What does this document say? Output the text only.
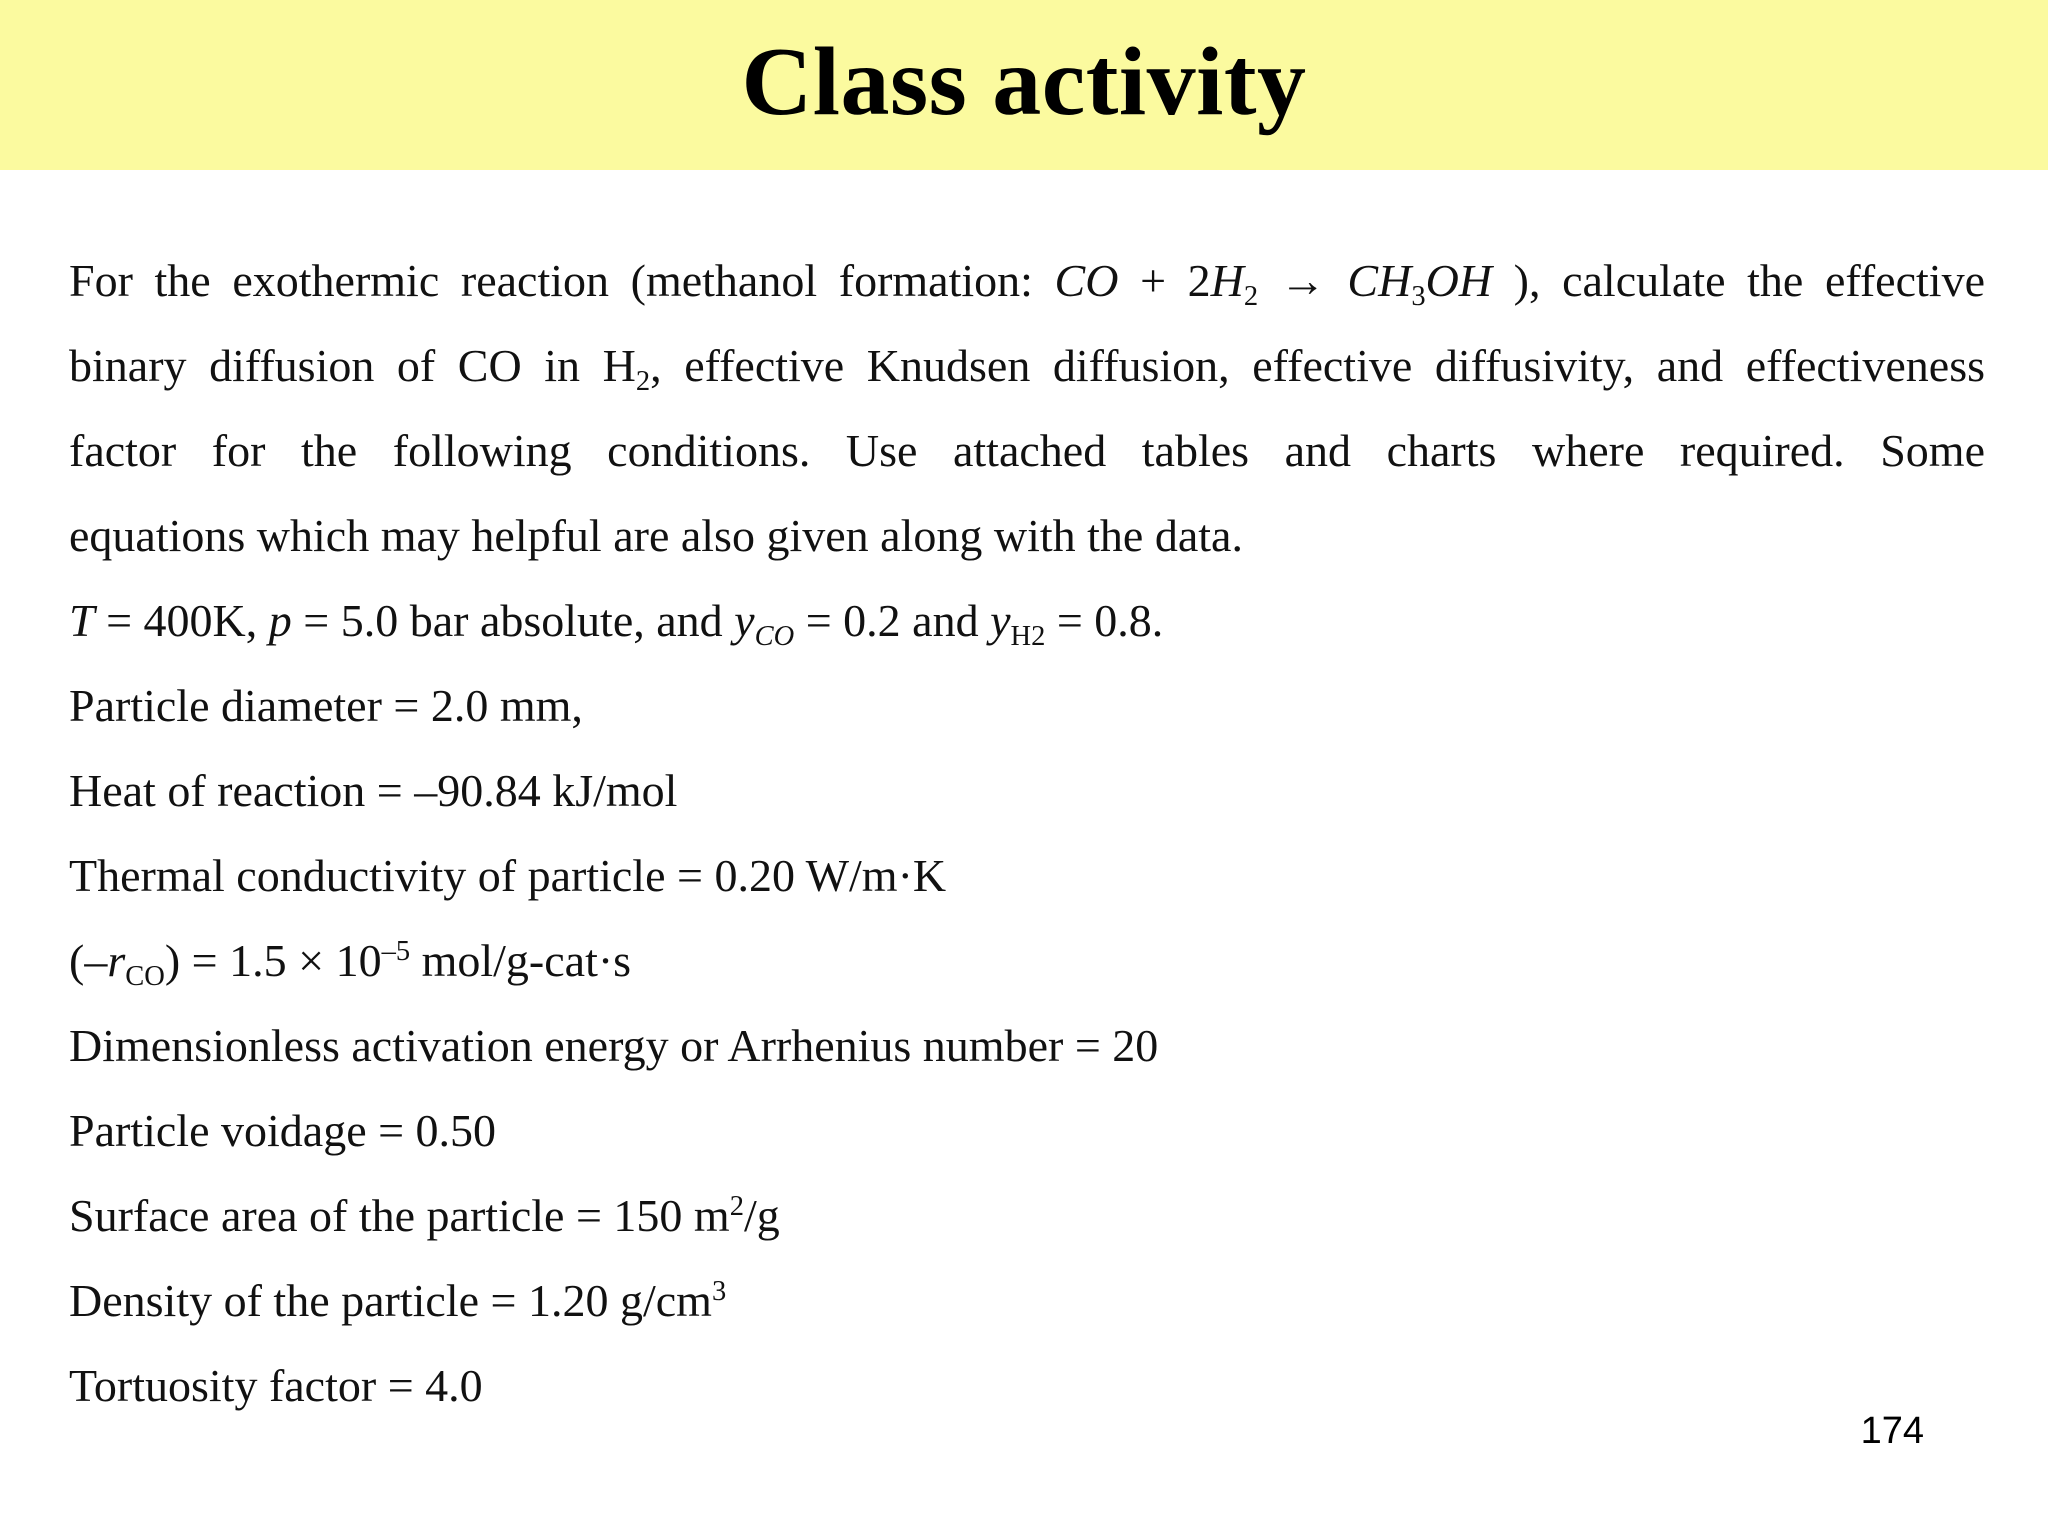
Class activity

For the exothermic reaction (methanol formation: CO + $2H_2 \to CH_3OH$ ), calculate the effective
binary diffusion of CO in $H_2$, effective Knudsen diffusion, effective diffusivity, and effectiveness
factor for the following conditions. Use attached tables and charts where required. Some
equations which may helpful are also given along with the data.

T = 400K, p = 5.0 bar absolute, and $y_{CO} = 0.2$ and $y_{H2} = 0.8$.
Particle diameter = 2.0 mm,
Heat of reaction = –90.84 kJ/mol
Thermal conductivity of particle = 0.20 W/m·K
$(-r_{CO}) = 1.5 \times 10^{-5}$ mol/g-cat·s
Dimensionless activation energy or Arrhenius number = 20
Particle voidage = 0.50
Surface area of the particle = 150 $m^2/g$
Density of the particle = 1.20 $g/cm^3$
Tortuosity factor = 4.0
174
